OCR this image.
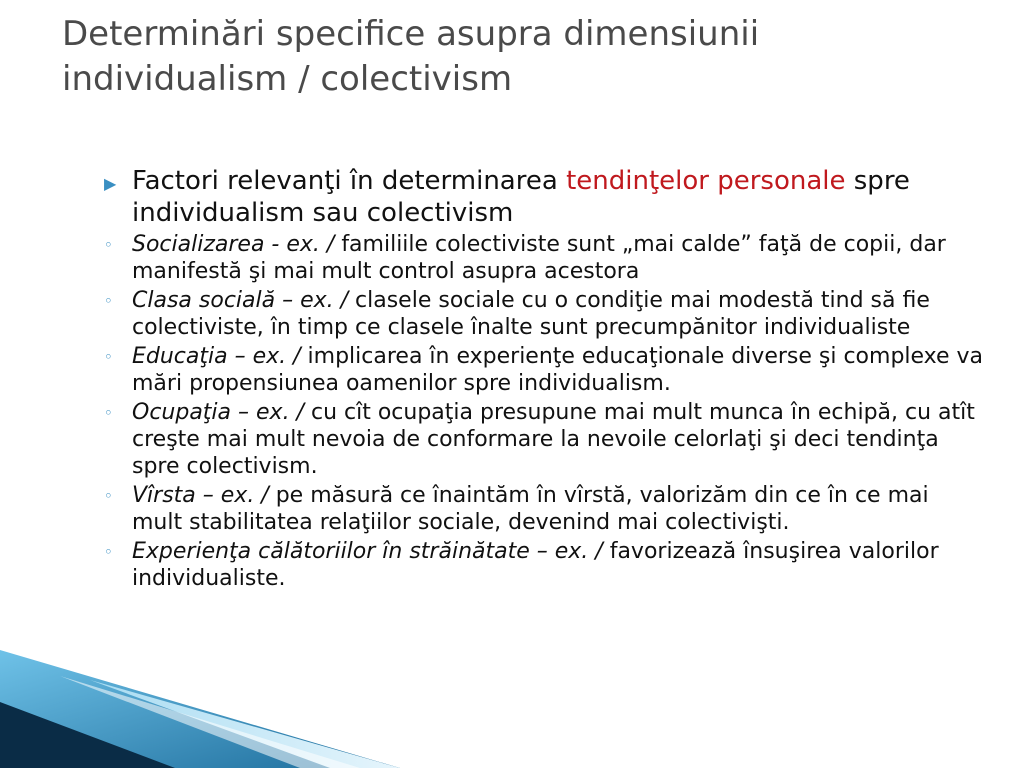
Determinări specifice asupra dimensiunii individualism / colectivism
▶ Factori relevanţi în determinarea tendinţelor personale spre individualism sau colectivism
◦ Socializarea - ex. / familiile colectiviste sunt „mai calde” faţă de copii, dar manifestă şi mai mult control asupra acestora
◦ Clasa socială – ex. / clasele sociale cu o condiţie mai modestă tind să fie colectiviste, în timp ce clasele înalte sunt precumpănitor individualiste
◦ Educaţia – ex. / implicarea în experienţe educaţionale diverse şi complexe va mări propensiunea oamenilor spre individualism.
◦ Ocupaţia – ex. / cu cît ocupaţia presupune mai mult munca în echipă, cu atît creşte mai mult nevoia de conformare la nevoile celorlaţi şi deci tendinţa spre colectivism.
◦ Vîrsta – ex. / pe măsură ce înaintăm în vîrstă, valorizăm din ce în ce mai mult stabilitatea relaţiilor sociale, devenind mai colectivişti.
◦ Experienţa călătoriilor în străinătate – ex. / favorizează însuşirea valorilor individualiste.
